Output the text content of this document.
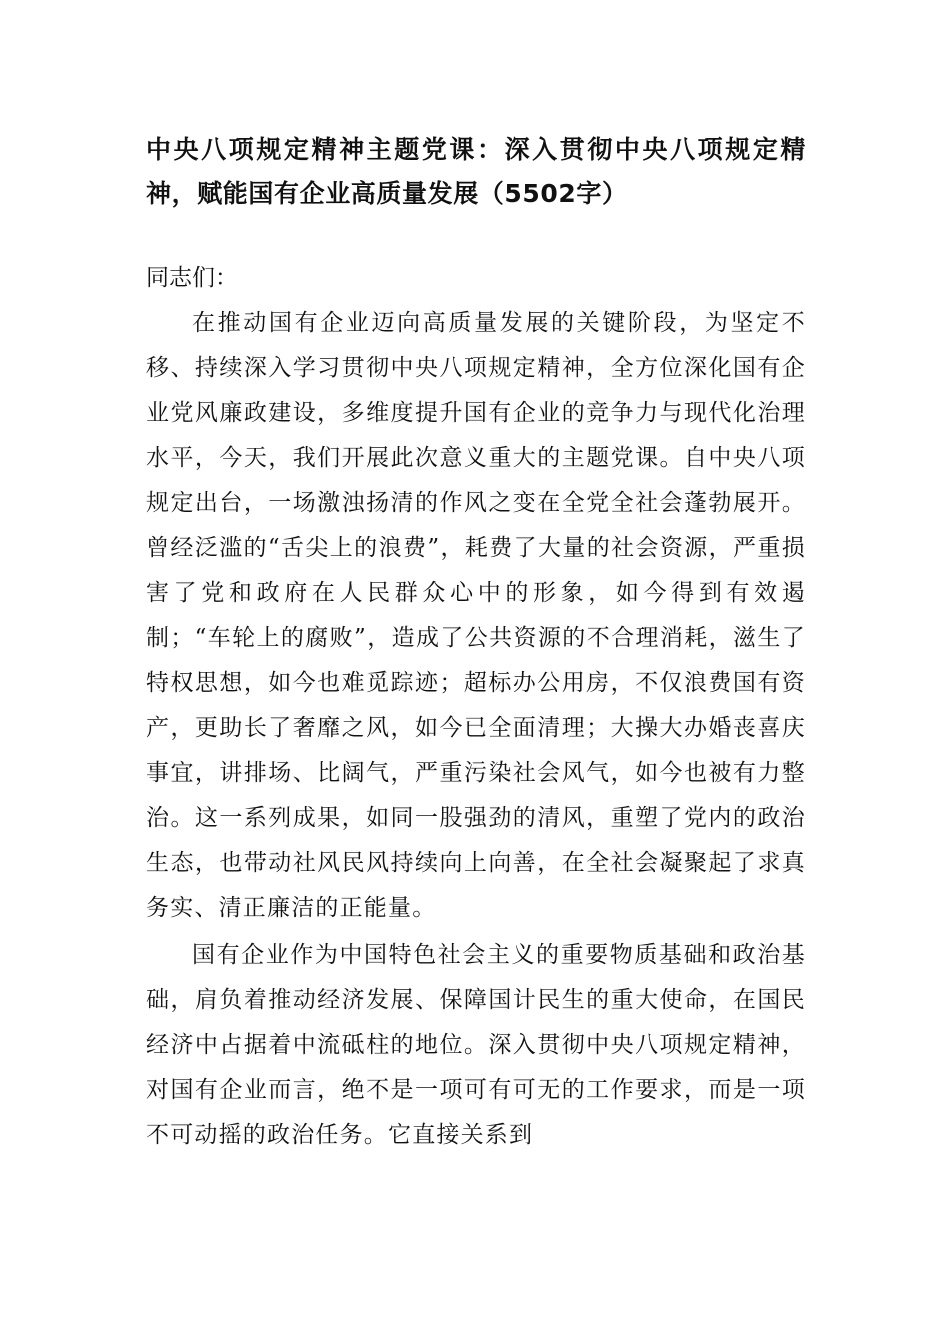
中央八项规定精神主题党课：深入贯彻中央八项规定精神，赋能国有企业高质量发展（5502字）

同志们：

在推动国有企业迈向高质量发展的关键阶段，为坚定不移、持续深入学习贯彻中央八项规定精神，全方位深化国有企业党风廉政建设，多维度提升国有企业的竞争力与现代化治理水平，今天，我们开展此次意义重大的主题党课。自中央八项规定出台，一场激浊扬清的作风之变在全党全社会蓬勃展开。曾经泛滥的“舌尖上的浪费”，耗费了大量的社会资源，严重损害了党和政府在人民群众心中的形象，如今得到有效遏制；“车轮上的腐败”，造成了公共资源的不合理消耗，滋生了特权思想，如今也难觅踪迹；超标办公用房，不仅浪费国有资产，更助长了奢靡之风，如今已全面清理；大操大办婚丧喜庆事宜，讲排场、比阔气，严重污染社会风气，如今也被有力整治。这一系列成果，如同一股强劲的清风，重塑了党内的政治生态，也带动社风民风持续向上向善，在全社会凝聚起了求真务实、清正廉洁的正能量。

国有企业作为中国特色社会主义的重要物质基础和政治基础，肩负着推动经济发展、保障国计民生的重大使命，在国民经济中占据着中流砥柱的地位。深入贯彻中央八项规定精神，对国有企业而言，绝不是一项可有可无的工作要求，而是一项不可动摇的政治任务。它直接关系到
